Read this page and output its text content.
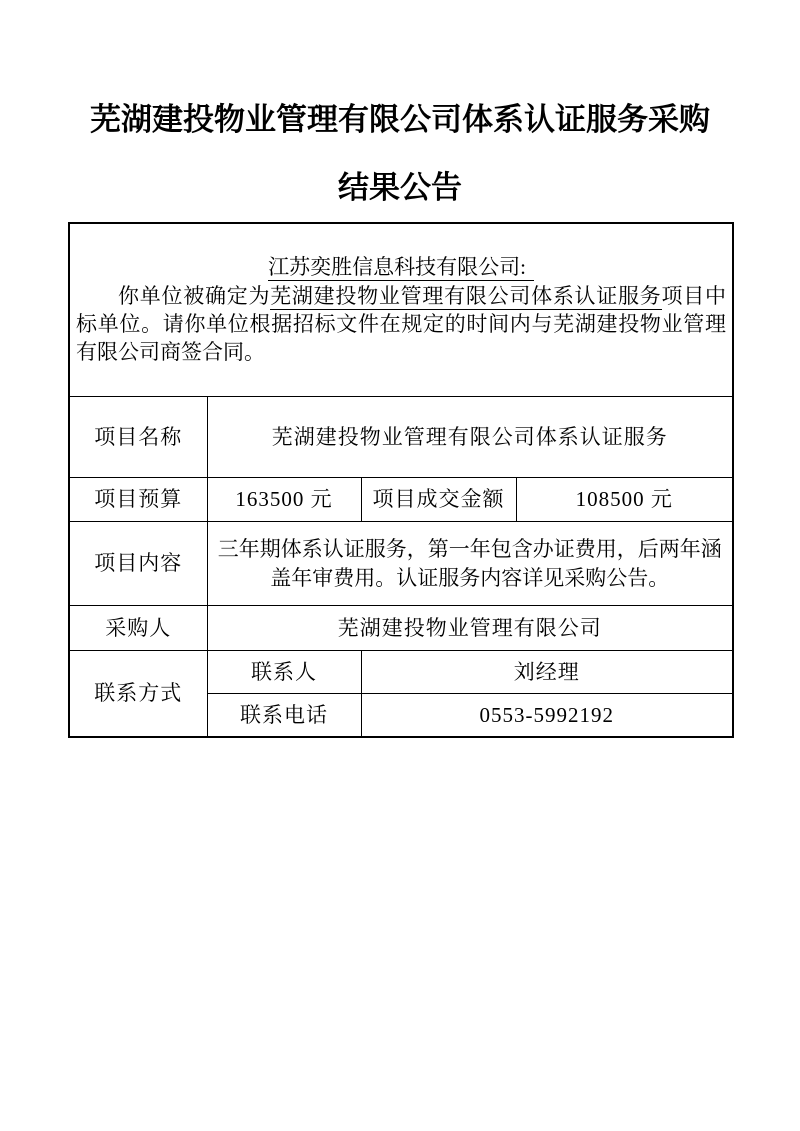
芜湖建投物业管理有限公司体系认证服务采购
结果公告
江苏奕胜信息科技有限公司:

你单位被确定为芜湖建投物业管理有限公司体系认证服务项目中标单位。请你单位根据招标文件在规定的时间内与芜湖建投物业管理有限公司商签合同。			

项目名称	芜湖建投物业管理有限公司体系认证服务		
项目预算	163500 元	项目成交金额	108500 元
项目内容	三年期体系认证服务，第一年包含办证费用，后两年涵盖年审费用。认证服务内容详见采购公告。		
采购人	芜湖建投物业管理有限公司		
联系方式	联系人	刘经理	
	联系电话	0553-5992192	
